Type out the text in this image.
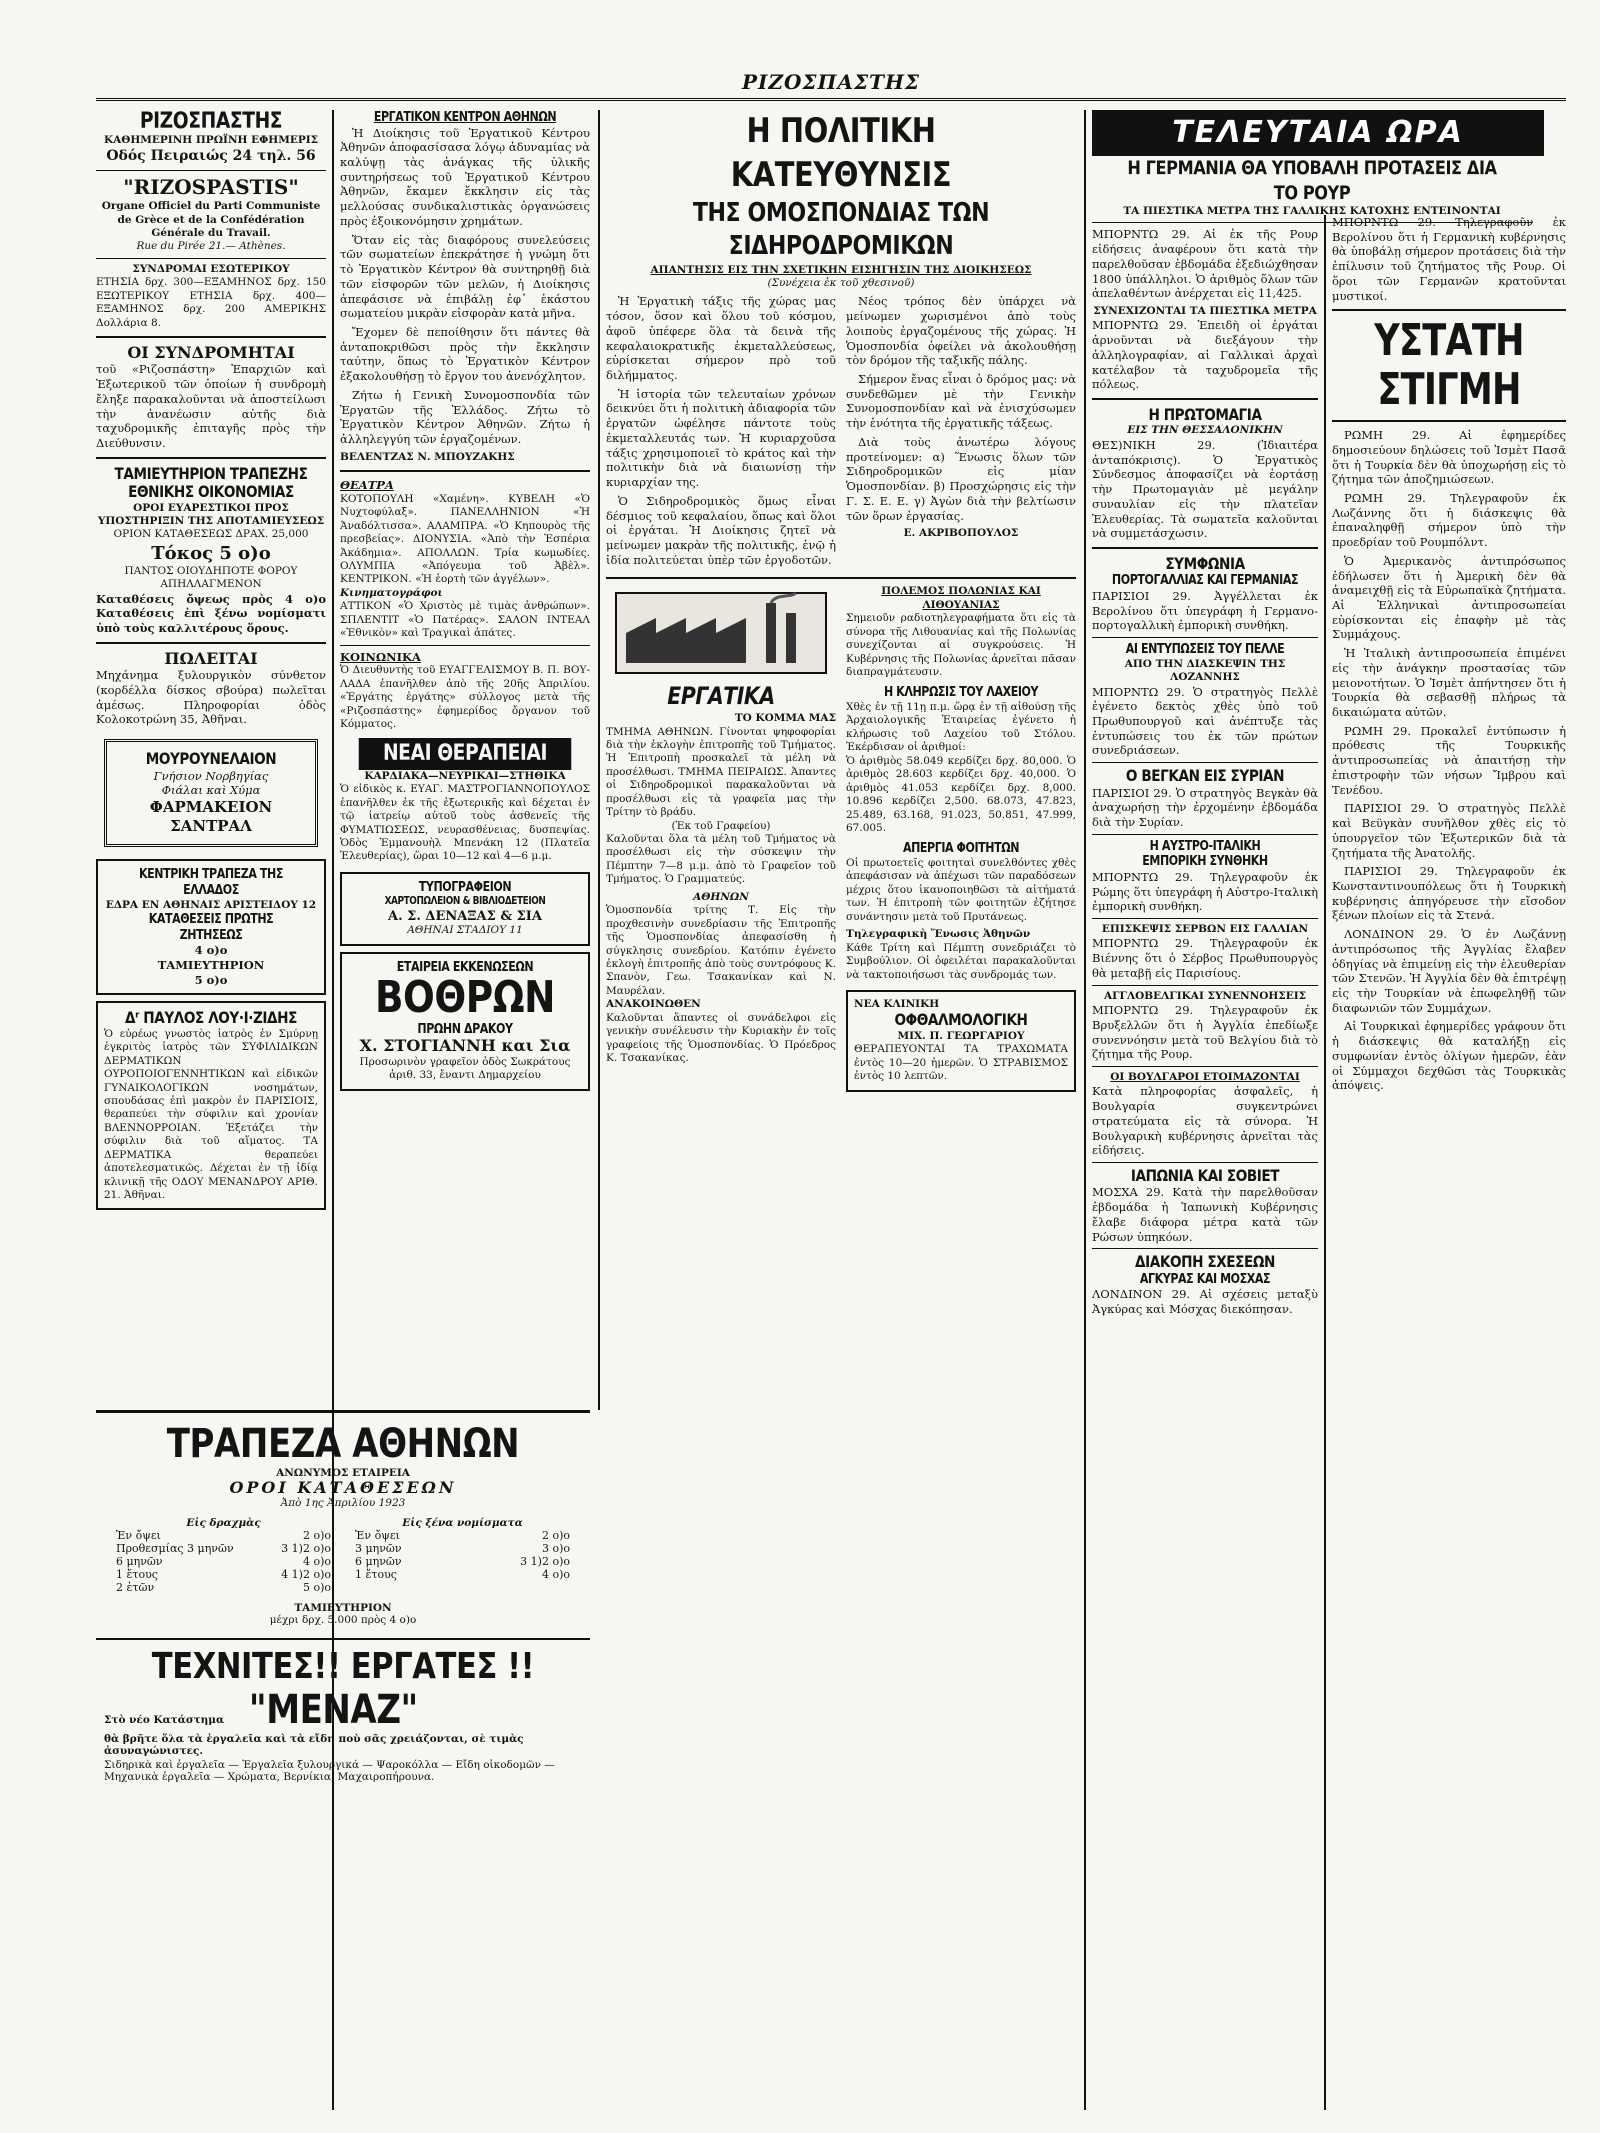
ΡΙΖΟΣΠΑΣΤΗΣ
ΡΙΖΟΣΠΑΣΤΗΣ
ΚΑΘΗΜΕΡΙΝΗ ΠΡΩΪΝΗ ΕΦΗΜΕΡΙΣ
Οδός Πειραιώς 24 τηλ. 56
"RIZOSPASTIS"
Organe Officiel du Parti Communiste de Grèce et de la Confédération Générale du Travail.
Rue du Pirée 21.— Athènes.
ΣΥΝΔΡΟΜΑΙ ΕΣΩΤΕΡΙΚΟΥ
ΕΤΗΣΙΑ δρχ. 300—ΕΞΑΜΗΝΟΣ δρχ. 150 ΕΞΩΤΕΡΙΚΟΥ ΕΤΗΣΙΑ δρχ. 400—ΕΞΑΜΗΝΟΣ δρχ. 200 ΑΜΕΡΙΚΗΣ Δολλάρια 8.
ΟΙ ΣΥΝΔΡΟΜΗΤΑΙ
τοῦ «Ριζοσπάστη» Ἐπαρχιῶν καὶ Ἐξωτερικοῦ τῶν ὁποίων ἡ συνδρομὴ ἔληξε παρακαλοῦνται νὰ ἀποστείλωσι τὴν ἀνανέωσιν αὐτῆς διὰ ταχυδρομικῆς ἐπιταγῆς πρὸς τὴν Διεύθυνσιν.
ΤΑΜΙΕΥΤΗΡΙΟΝ ΤΡΑΠΕΖΗΣ ΕΘΝΙΚΗΣ ΟΙΚΟΝΟΜΙΑΣ
ΟΡΟΙ ΕΥΑΡΕΣΤΙΚΟΙ ΠΡΟΣ ΥΠΟΣΤΗΡΙΞΙΝ ΤΗΣ ΑΠΟΤΑΜΙΕΥΣΕΩΣ
ΟΡΙΟΝ ΚΑΤΑΘΕΣΕΩΣ ΔΡΑΧ. 25,000
Τόκος 5 ο)ο
ΠΑΝΤΟΣ ΟΙΟΥΔΗΠΟΤΕ ΦΟΡΟΥ ΑΠΗΛΛΑΓΜΕΝΟΝ
Καταθέσεις ὄψεως πρὸς 4 ο)ο Καταθέσεις ἐπὶ ξένω νομίσματι ὑπὸ τοὺς καλλιτέρους ὅρους.
ΠΩΛΕΙΤΑΙ
Μηχάνημα ξυλουργικὸν σύνθετον (κορδέλλα δίσκος σβούρα) πωλεῖται ἀμέσως. Πληροφορίαι ὁδὸς Κολοκοτρώνη 35, Ἀθῆναι.
ΜΟΥΡΟΥΝΕΛΑΙΟΝ
Γνήσιον Νορβηγίας
Φιάλαι καὶ Χύμα
ΦΑΡΜΑΚΕΙΟΝ ΣΑΝΤΡΑΛ
ΚΕΝΤΡΙΚΗ ΤΡΑΠΕΖΑ ΤΗΣ ΕΛΛΑΔΟΣ
ΕΔΡΑ ΕΝ ΑΘΗΝΑΙΣ ΑΡΙΣΤΕΙΔΟΥ 12
ΚΑΤΑΘΕΣΕΙΣ ΠΡΩΤΗΣ ΖΗΤΗΣΕΩΣ
4 ο)ο
ΤΑΜΙΕΥΤΗΡΙΟΝ
5 ο)ο
Δʳ ΠΑΥΛΟΣ ΛΟΥ·Ι·ΖΙΔΗΣ
Ὁ εὐρέως γνωστὸς ἰατρὸς ἐν Σμύρνῃ ἐγκριτὸς ἰατρὸς τῶν ΣΥΦΙΛΙΔΙΚΩΝ ΔΕΡΜΑΤΙΚΩΝ ΟΥΡΟΠΟΙΟΓΕΝΝΗΤΙΚΩΝ καὶ εἰδικῶν ΓΥΝΑΙΚΟΛΟΓΙΚΩΝ νοσημάτων, σπουδάσας ἐπὶ μακρὸν ἐν ΠΑΡΙΣΙΟΙΣ, θεραπεύει τὴν σύφιλιν καὶ χρονίαν ΒΛΕΝΝΟΡΡΟΙΑΝ. Ἐξετάζει τὴν σύφιλιν διὰ τοῦ αἵματος. ΤΑ ΔΕΡΜΑΤΙΚΑ θεραπεύει ἀποτελεσματικῶς. Δέχεται ἐν τῇ ἰδίᾳ κλινικῇ τῆς ΟΔΟΥ ΜΕΝΑΝΔΡΟΥ ΑΡΙΘ. 21. Ἀθῆναι.
ΕΡΓΑΤΙΚΟΝ ΚΕΝΤΡΟΝ ΑΘΗΝΩΝ

Ἡ Διοίκησις τοῦ Ἐργατικοῦ Κέντρου Ἀθηνῶν ἀποφασίσασα λόγῳ ἀδυναμίας νὰ καλύψῃ τὰς ἀνάγκας τῆς ὑλικῆς συντηρήσεως τοῦ Ἐργατικοῦ Κέντρου Ἀθηνῶν, ἔκαμεν ἔκκλησιν εἰς τὰς μελλούσας συνδικαλιστικὰς ὀργανώσεις πρὸς ἐξοικονόμησιν χρημάτων.

Ὅταν εἰς τὰς διαφόρους συνελεύσεις τῶν σωματείων ἐπεκράτησε ἡ γνώμη ὅτι τὸ Ἐργατικὸν Κέντρον θὰ συντηρηθῇ διὰ τῶν εἰσφορῶν τῶν μελῶν, ἡ Διοίκησις ἀπεφάσισε νὰ ἐπιβάλῃ ἐφ᾽ ἑκάστου σωματείου μικρὰν εἰσφορὰν κατὰ μῆνα.

Ἔχομεν δὲ πεποίθησιν ὅτι πάντες θὰ ἀνταποκριθῶσι πρὸς τὴν ἔκκλησιν ταύτην, ὅπως τὸ Ἐργατικὸν Κέντρον ἐξακολουθήσῃ τὸ ἔργον του ἀνενόχλητον.

Ζήτω ἡ Γενικὴ Συνομοσπονδία τῶν Ἐργατῶν τῆς Ἑλλάδος. Ζήτω τὸ Ἐργατικὸν Κέντρον Ἀθηνῶν. Ζήτω ἡ ἀλληλεγγύη τῶν ἐργαζομένων.

ΒΕΛΕΝΤΖΑΣ Ν. ΜΠΟΥΖΑΚΗΣ
ΘΕΑΤΡΑ
ΚΟΤΟΠΟΥΛΗ «Χαμένη». ΚΥΒΕΛΗ «Ὁ Νυχτοφύλαξ». ΠΑΝΕΛΛΗΝΙΟΝ «Ἡ Ἀναδόλτισσα». ΑΛΑΜΠΡΑ. «Ὁ Κηπουρὸς τῆς πρεσβείας». ΔΙΟΝΥΣΙΑ. «Ἀπὸ τὴν Ἑσπέρια Ἀκάδημια». ΑΠΟΛΛΩΝ. Τρία κωμωδίες. ΟΛΥΜΠΙΑ «Ἀπόγευμα τοῦ Ἀβὲλ». ΚΕΝΤΡΙΚΟΝ. «Ἡ ἑορτὴ τῶν ἀγγέλων».
Κινηματογράφοι
ΑΤΤΙΚΟΝ «Ὁ Χριστὸς μὲ τιμὰς ἀνθρώπων». ΣΠΛΕΝΤΙΤ «Ὁ Πατέρας». ΣΑΛΟΝ ΙΝΤΕΑΛ «Ἐθνικὸν» καὶ Τραγικαὶ ἀπάτες.
ΚΟΙΝΩΝΙΚΑ
Ὁ Διευθυντὴς τοῦ ΕΥΑΓΓΕΛΙΣΜΟΥ Β. Π. ΒΟΥ-ΛΑΔΑ ἐπανῆλθεν ἀπὸ τῆς 20ῆς Ἀπριλίου. «Ἐργάτης ἐργάτης» σύλλογος μετὰ τῆς «Ριζοσπάστης» ἐφημερίδος ὄργανον τοῦ Κόμματος.
ΝΕΑΙ ΘΕΡΑΠΕΙΑΙ
ΚΑΡΔΙΑΚΑ—ΝΕΥΡΙΚΑΙ—ΣΤΗΘΙΚΑ
Ὁ εἰδικὸς κ. ΕΥΑΓ. ΜΑΣΤΡΟΓΙΑΝΝΟΠΟΥΛΟΣ ἐπανῆλθεν ἐκ τῆς ἐξωτερικῆς καὶ δέχεται ἐν τῷ ἰατρείῳ αὐτοῦ τοὺς ἀσθενεῖς τῆς ΦΥΜΑΤΙΩΣΕΩΣ, νευρασθένειας, δυσπεψίας. Ὁδὸς Ἐμμανουὴλ Μπενάκη 12 (Πλατεῖα Ἐλευθερίας), ὥραι 10—12 καὶ 4—6 μ.μ.
ΤΥΠΟΓΡΑΦΕΙΟΝ
ΧΑΡΤΟΠΩΛΕΙΟΝ & ΒΙΒΛΙΟΔΕΤΕΙΟΝ
Α. Σ. ΔΕΝΑΞΑΣ & ΣΙΑ
ΑΘΗΝΑΙ ΣΤΑΔΙΟΥ 11
ΕΤΑΙΡΕΙΑ ΕΚΚΕΝΩΣΕΩΝ
ΒΟΘΡΩΝ
ΠΡΩΗΝ ΔΡΑΚΟΥ
Χ. ΣΤΟΓΙΑΝΝΗ και Σια
Προσωρινὸν γραφεῖον ὁδὸς Σωκράτους ἀριθ. 33, ἔναντι Δημαρχείου
ΤΡΑΠΕΖΑ ΑΘΗΝΩΝ
ΑΝΩΝΥΜΟΣ ΕΤΑΙΡΕΙΑ
ΟΡΟΙ ΚΑΤΑΘΕΣΕΩΝ
Ἀπὸ 1ης Ἀπριλίου 1923
Εἰς δραχμὰς
Ἐν ὄψει	2 ο)ο
Προθεσμίας 3 μηνῶν	3 1)2 ο)ο
6 μηνῶν	4 ο)ο
1 ἔτους	4 1)2 ο)ο
2 ἐτῶν	5 ο)ο
Εἰς ξένα νομίσματα
Ἐν ὄψει	2 ο)ο
3 μηνῶν	3 ο)ο
6 μηνῶν	3 1)2 ο)ο
1 ἔτους	4 ο)ο
ΤΑΜΙΕΥΤΗΡΙΟΝ
μέχρι δρχ. 5.000 πρὸς 4 ο)ο
ΤΕΧΝΙΤΕΣ!! ΕΡΓΑΤΕΣ !!
Στὸ νέο Κατάστημα "ΜΕΝΑΖ"
θὰ βρῆτε ὅλα τὰ ἐργαλεῖα καὶ τὰ εἴδη ποὺ σᾶς χρειάζονται, σὲ τιμὰς ἀσυναγώνιστες.
Σιδηρικὰ καὶ ἐργαλεῖα — Ἐργαλεῖα ξυλουργικά — Ψαροκόλλα — Εἴδη οἰκοδομῶν — Μηχανικὰ ἐργαλεῖα — Χρώματα, Βερνίκια, Μαχαιροπήρουνα.
Η ΠΟΛΙΤΙΚΗ ΚΑΤΕΥΘΥΝΣΙΣ
ΤΗΣ ΟΜΟΣΠΟΝΔΙΑΣ ΤΩΝ ΣΙΔΗΡΟΔΡΟΜΙΚΩΝ
ΑΠΑΝΤΗΣΙΣ ΕΙΣ ΤΗΝ ΣΧΕΤΙΚΗΝ ΕΙΣΗΓΗΣΙΝ ΤΗΣ ΔΙΟΙΚΗΣΕΩΣ
(Συνέχεια ἐκ τοῦ χθεσινοῦ)

Ἡ Ἐργατικὴ τάξις τῆς χώρας μας τόσον, ὅσον καὶ ὅλου τοῦ κόσμου, ἀφοῦ ὑπέφερε ὅλα τὰ δεινὰ τῆς κεφαλαιοκρατικῆς ἐκμεταλλεύσεως, εὑρίσκεται σήμερον πρὸ τοῦ διλήμματος.

Ἡ ἱστορία τῶν τελευταίων χρόνων δεικνύει ὅτι ἡ πολιτικὴ ἀδιαφορία τῶν ἐργατῶν ὠφέλησε πάντοτε τοὺς ἐκμεταλλευτάς των. Ἡ κυριαρχοῦσα τάξις χρησιμοποιεῖ τὸ κράτος καὶ τὴν πολιτικὴν διὰ νὰ διαιωνίσῃ τὴν κυριαρχίαν της.

Ὁ Σιδηροδρομικὸς ὅμως εἶναι δέσμιος τοῦ κεφαλαίου, ὅπως καὶ ὅλοι οἱ ἐργάται. Ἡ Διοίκησις ζητεῖ νὰ μείνωμεν μακρὰν τῆς πολιτικῆς, ἐνῷ ἡ ἰδία πολιτεύεται ὑπὲρ τῶν ἐργοδοτῶν.

Νέος τρόπος δὲν ὑπάρχει νὰ μείνωμεν χωρισμένοι ἀπὸ τοὺς λοιποὺς ἐργαζομένους τῆς χώρας. Ἡ Ὁμοσπονδία ὀφείλει νὰ ἀκολουθήσῃ τὸν δρόμον τῆς ταξικῆς πάλης.

Σήμερον ἔνας εἶναι ὁ δρόμος μας: νὰ συνδεθῶμεν μὲ τὴν Γενικὴν Συνομοσπονδίαν καὶ νὰ ἐνισχύσωμεν τὴν ἑνότητα τῆς ἐργατικῆς τάξεως.

Διὰ τοὺς ἀνωτέρω λόγους προτείνομεν: α) Ἕνωσις ὅλων τῶν Σιδηροδρομικῶν εἰς μίαν Ὁμοσπονδίαν. β) Προσχώρησις εἰς τὴν Γ. Σ. Ε. Ε. γ) Ἀγὼν διὰ τὴν βελτίωσιν τῶν ὅρων ἐργασίας.

Ε. ΑΚΡΙΒΟΠΟΥΛΟΣ
ΕΡΓΑΤΙΚΑ
ΤΟ ΚΟΜΜΑ ΜΑΣ
ΤΜΗΜΑ ΑΘΗΝΩΝ. Γίνονται ψηφοφορίαι διὰ τὴν ἐκλογὴν ἐπιτροπῆς τοῦ Τμήματος. Ἡ Ἐπιτροπὴ προσκαλεῖ τὰ μέλη νὰ προσέλθωσι. ΤΜΗΜΑ ΠΕΙΡΑΙΩΣ. Ἀπαντες οἱ Σιδηροδρομικοὶ παρακαλοῦνται νὰ προσέλθωσι εἰς τὰ γραφεῖα μας τὴν Τρίτην τὸ βράδυ.
(Ἐκ τοῦ Γραφείου)
Καλοῦνται ὅλα τὰ μέλη τοῦ Τμήματος νὰ προσέλθωσι εἰς τὴν σύσκεψιν τὴν Πέμπτην 7—8 μ.μ. ἀπὸ τὸ Γραφεῖον τοῦ Τμήματος. Ὁ Γραμματεύς.
ΑΘΗΝΩΝ
Ὁμοσπονδία τρίτης Τ. Εἰς τὴν προχθεσινὴν συνεδρίασιν τῆς Ἐπιτροπῆς τῆς Ὁμοσπονδίας ἀπεφασίσθη ἡ σύγκλησις συνεδρίου. Κατόπιν ἐγένετο ἐκλογὴ ἐπιτροπῆς ἀπὸ τοὺς συντρόφους Κ. Σπανὸν, Γεω. Τσακανίκαν καὶ Ν. Μαυρέλαν.
ΑΝΑΚΟΙΝΩΘΕΝ
Καλοῦνται ἅπαντες οἱ συνάδελφοι εἰς γενικὴν συνέλευσιν τὴν Κυριακὴν ἐν τοῖς γραφείοις τῆς Ὁμοσπονδίας. Ὁ Πρόεδρος Κ. Τσακανίκας.
ΠΟΛΕΜΟΣ ΠΟΛΩΝΙΑΣ ΚΑΙ ΛΙΘΟΥΑΝΙΑΣ
Σημειοῦν ραδιοτηλεγραφήματα ὅτι εἰς τὰ σύνορα τῆς Λιθουανίας καὶ τῆς Πολωνίας συνεχίζονται αἱ συγκρούσεις. Ἡ Κυβέρνησις τῆς Πολωνίας ἀρνεῖται πᾶσαν διαπραγμάτευσιν.
Η ΚΛΗΡΩΣΙΣ ΤΟΥ ΛΑΧΕΙΟΥ
Χθὲς ἐν τῇ 11ῃ π.μ. ὥρᾳ ἐν τῇ αἰθούσῃ τῆς Ἀρχαιολογικῆς Ἑταιρείας ἐγένετο ἡ κλήρωσις τοῦ Λαχείου τοῦ Στόλου. Ἐκέρδισαν οἱ ἀριθμοί:
Ὁ ἀριθμὸς 58.049 κερδίζει δρχ. 80,000. Ὁ ἀριθμὸς 28.603 κερδίζει δρχ. 40,000. Ὁ ἀριθμὸς 41.053 κερδίζει δρχ. 8,000. 10.896 κερδίζει 2,500. 68.073, 47.823, 25.489, 63.168, 91.023, 50.851, 47.999, 67.005.
ΑΠΕΡΓΙΑ ΦΟΙΤΗΤΩΝ
Οἱ πρωτοετεῖς φοιτηταὶ συνελθόντες χθὲς ἀπεφάσισαν νὰ ἀπέχωσι τῶν παραδόσεων μέχρις ὅτου ἱκανοποιηθῶσι τὰ αἰτήματά των. Ἡ ἐπιτροπὴ τῶν φοιτητῶν ἐζήτησε συνάντησιν μετὰ τοῦ Πρυτάνεως.
Τηλεγραφικὴ Ἕνωσις Ἀθηνῶν
Κάθε Τρίτη καὶ Πέμπτη συνεδριάζει τὸ Συμβούλιον. Οἱ ὀφειλέται παρακαλοῦνται νὰ τακτοποιήσωσι τὰς συνδρομάς των.
ΝΕΑ ΚΛΙΝΙΚΗ
ΟΦΘΑΛΜΟΛΟΓΙΚΗ
ΜΙΧ. Π. ΓΕΩΡΓΑΡΙΟΥ
ΘΕΡΑΠΕΥΟΝΤΑΙ ΤΑ ΤΡΑΧΩΜΑΤΑ ἐντὸς 10—20 ἡμερῶν. Ὁ ΣΤΡΑΒΙΣΜΟΣ ἐντὸς 10 λεπτῶν.
ΤΕΛΕΥΤΑΙΑ ΩΡΑ
Η ΓΕΡΜΑΝΙΑ ΘΑ ΥΠΟΒΑΛΗ ΠΡΟΤΑΣΕΙΣ ΔΙΑ ΤΟ ΡΟΥΡ
ΤΑ ΠΙΕΣΤΙΚΑ ΜΕΤΡΑ ΤΗΣ ΓΑΛΛΙΚΗΣ ΚΑΤΟΧΗΣ ΕΝΤΕΙΝΟΝΤΑΙ
ΜΠΟΡΝΤΩ 29. Αἱ ἐκ τῆς Ρουρ εἰδήσεις ἀναφέρουν ὅτι κατὰ τὴν παρελθοῦσαν ἑβδομάδα ἐξεδιώχθησαν 1800 ὑπάλληλοι. Ὁ ἀριθμὸς ὅλων τῶν ἀπελαθέντων ἀνέρχεται εἰς 11,425.
ΣΥΝΕΧΙΖΟΝΤΑΙ ΤΑ ΠΙΕΣΤΙΚΑ ΜΕΤΡΑ
ΜΠΟΡΝΤΩ 29. Ἐπειδὴ οἱ ἐργάται ἀρνοῦνται νὰ διεξάγουν τὴν ἀλληλογραφίαν, αἱ Γαλλικαὶ ἀρχαὶ κατέλαβον τὰ ταχυδρομεῖα τῆς πόλεως.
Η ΠΡΩΤΟΜΑΓΙΑ
ΕΙΣ ΤΗΝ ΘΕΣΣΑΛΟΝΙΚΗΝ
ΘΕΣ)ΝΙΚΗ 29. (Ἰδιαιτέρα ἀνταπόκρισις). Ὁ Ἐργατικὸς Σύνδεσμος ἀποφασίζει νὰ ἑορτάσῃ τὴν Πρωτομαγιὰν μὲ μεγάλην συναυλίαν εἰς τὴν πλατεῖαν Ἐλευθερίας. Τὰ σωματεῖα καλοῦνται νὰ συμμετάσχωσιν.
ΣΥΜΦΩΝΙΑ
ΠΟΡΤΟΓΑΛΛΙΑΣ ΚΑΙ ΓΕΡΜΑΝΙΑΣ
ΠΑΡΙΣΙΟΙ 29. Ἀγγέλλεται ἐκ Βερολίνου ὅτι ὑπεγράφη ἡ Γερμανο-πορτογαλλικὴ ἐμπορικὴ συνθήκη.
ΑΙ ΕΝΤΥΠΩΣΕΙΣ ΤΟΥ ΠΕΛΛΕ
ΑΠΟ ΤΗΝ ΔΙΑΣΚΕΨΙΝ ΤΗΣ ΛΟΖΑΝΝΗΣ
ΜΠΟΡΝΤΩ 29. Ὁ στρατηγὸς Πελλὲ ἐγένετο δεκτὸς χθὲς ὑπὸ τοῦ Πρωθυπουργοῦ καὶ ἀνέπτυξε τὰς ἐντυπώσεις του ἐκ τῶν πρώτων συνεδριάσεων.
Ο ΒΕΓΚΑΝ ΕΙΣ ΣΥΡΙΑΝ
ΠΑΡΙΣΙΟΙ 29. Ὁ στρατηγὸς Βεγκὰν θὰ ἀναχωρήσῃ τὴν ἐρχομένην ἑβδομάδα διὰ τὴν Συρίαν.
Η ΑΥΣΤΡΟ-ΙΤΑΛΙΚΗ
ΕΜΠΟΡΙΚΗ ΣΥΝΘΗΚΗ
ΜΠΟΡΝΤΩ 29. Τηλεγραφοῦν ἐκ Ρώμης ὅτι ὑπεγράφη ἡ Αὐστρο-Ιταλικὴ ἐμπορικὴ συνθήκη.
ΕΠΙΣΚΕΨΙΣ ΣΕΡΒΩΝ ΕΙΣ ΓΑΛΛΙΑΝ
ΜΠΟΡΝΤΩ 29. Τηλεγραφοῦν ἐκ Βιέννης ὅτι ὁ Σέρβος Πρωθυπουργὸς θὰ μεταβῇ εἰς Παρισίους.
ΑΓΓΛΟΒΕΛΓΙΚΑΙ ΣΥΝΕΝΝΟΗΣΕΙΣ
ΜΠΟΡΝΤΩ 29. Τηλεγραφοῦν ἐκ Βρυξελλῶν ὅτι ἡ Ἀγγλία ἐπεδίωξε συνεννόησιν μετὰ τοῦ Βελγίου διὰ τὸ ζήτημα τῆς Ρουρ.
ΟΙ ΒΟΥΛΓΑΡΟΙ ΕΤΟΙΜΑΖΟΝΤΑΙ
Κατὰ πληροφορίας ἀσφαλεῖς, ἡ Βουλγαρία συγκεντρώνει στρατεύματα εἰς τὰ σύνορα. Ἡ Βουλγαρικὴ κυβέρνησις ἀρνεῖται τὰς εἰδήσεις.
ΙΑΠΩΝΙΑ ΚΑΙ ΣΟΒΙΕΤ
ΜΟΣΧΑ 29. Κατὰ τὴν παρελθοῦσαν ἑβδομάδα ἡ Ἰαπωνικὴ Κυβέρνησις ἔλαβε διάφορα μέτρα κατὰ τῶν Ρώσων ὑπηκόων.
ΔΙΑΚΟΠΗ ΣΧΕΣΕΩΝ
ΑΓΚΥΡΑΣ ΚΑΙ ΜΟΣΧΑΣ
ΛΟΝΔΙΝΟΝ 29. Αἱ σχέσεις μεταξὺ Ἀγκύρας καὶ Μόσχας διεκόπησαν.
ΜΠΟΡΝΤΩ 29. Τηλεγραφοῦν ἐκ Βερολίνου ὅτι ἡ Γερμανικὴ κυβέρνησις θὰ ὑποβάλῃ σήμερον προτάσεις διὰ τὴν ἐπίλυσιν τοῦ ζητήματος τῆς Ρουρ. Οἱ ὅροι τῶν Γερμανῶν κρατοῦνται μυστικοί.
ΥΣΤΑΤΗ ΣΤΙΓΜΗ

ΡΩΜΗ 29. Αἱ ἐφημερίδες δημοσιεύουν δηλώσεις τοῦ Ἰσμὲτ Πασᾶ ὅτι ἡ Τουρκία δὲν θὰ ὑποχωρήσῃ εἰς τὸ ζήτημα τῶν ἀποζημιώσεων.

ΡΩΜΗ 29. Τηλεγραφοῦν ἐκ Λωζάννης ὅτι ἡ διάσκεψις θὰ ἐπαναληφθῇ σήμερον ὑπὸ τὴν προεδρίαν τοῦ Ρουμπόλντ.

Ὁ Ἀμερικανὸς ἀντιπρόσωπος ἐδήλωσεν ὅτι ἡ Ἀμερικὴ δὲν θὰ ἀναμειχθῇ εἰς τὰ Εὐρωπαϊκὰ ζητήματα. Αἱ Ἑλληνικαὶ ἀντιπροσωπείαι εὑρίσκονται εἰς ἐπαφὴν μὲ τὰς Συμμάχους.

Ἡ Ἰταλικὴ ἀντιπροσωπεία ἐπιμένει εἰς τὴν ἀνάγκην προστασίας τῶν μειονοτήτων. Ὁ Ἰσμὲτ ἀπήντησεν ὅτι ἡ Τουρκία θὰ σεβασθῇ πλήρως τὰ δικαιώματα αὐτῶν.

ΡΩΜΗ 29. Προκαλεῖ ἐντύπωσιν ἡ πρόθεσις τῆς Τουρκικῆς ἀντιπροσωπείας νὰ ἀπαιτήσῃ τὴν ἐπιστροφὴν τῶν νήσων Ἴμβρου καὶ Τενέδου.

ΠΑΡΙΣΙΟΙ 29. Ὁ στρατηγὸς Πελλὲ καὶ Βεϋγκὰν συνῆλθον χθὲς εἰς τὸ ὑπουργεῖον τῶν Ἐξωτερικῶν διὰ τὰ ζητήματα τῆς Ἀνατολῆς.

ΠΑΡΙΣΙΟΙ 29. Τηλεγραφοῦν ἐκ Κωνσταντινουπόλεως ὅτι ἡ Τουρκικὴ κυβέρνησις ἀπηγόρευσε τὴν εἴσοδον ξένων πλοίων εἰς τὰ Στενά.

ΛΟΝΔΙΝΟΝ 29. Ὁ ἐν Λωζάννῃ ἀντιπρόσωπος τῆς Ἀγγλίας ἔλαβεν ὁδηγίας νὰ ἐπιμείνῃ εἰς τὴν ἐλευθερίαν τῶν Στενῶν. Ἡ Ἀγγλία δὲν θὰ ἐπιτρέψῃ εἰς τὴν Τουρκίαν νὰ ἐπωφεληθῇ τῶν διαφωνιῶν τῶν Συμμάχων.

Αἱ Τουρκικαὶ ἐφημερίδες γράφουν ὅτι ἡ διάσκεψις θὰ καταλήξῃ εἰς συμφωνίαν ἐντὸς ὀλίγων ἡμερῶν, ἐὰν οἱ Σύμμαχοι δεχθῶσι τὰς Τουρκικὰς ἀπόψεις.
